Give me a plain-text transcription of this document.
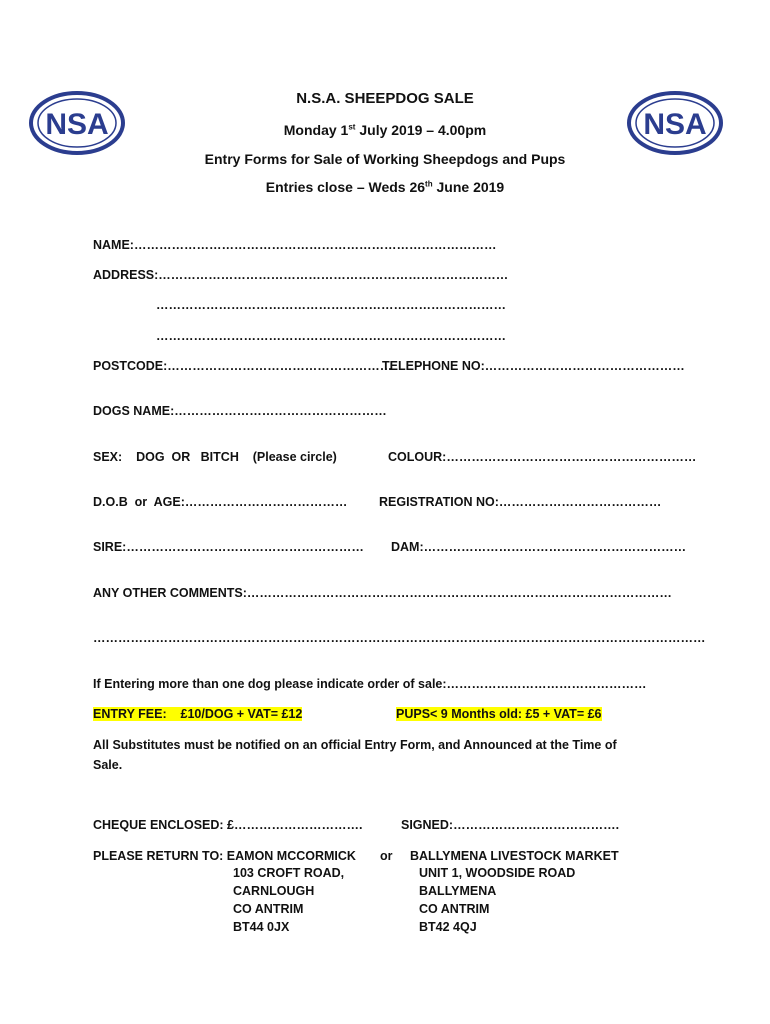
NSA	NSA
N.S.A. SHEEPDOG SALE
Monday 1st July 2019 – 4.00pm
Entry Forms for Sale of Working Sheepdogs and Pups
Entries close – Weds 26th June 2019
NAME:……………………………………………………………………………
ADDRESS:…………………………………………………………………………
…………………………………………………………………………
…………………………………………………………………………
POSTCODE:………………………………………………
TELEPHONE NO:…………………………………………
DOGS NAME:……………………………………………
SEX:    DOG  OR   BITCH    (Please circle)	COLOUR:……………………………………………………
D.O.B  or  AGE:…………………………………	REGISTRATION NO:…………………………………
SIRE:………………………………………………… DAM:………………………………………………………
ANY OTHER COMMENTS:…………………………………………………………………………………………
…………………………………………………………………………………………………………………………………
If Entering more than one dog please indicate order of sale:…………………………………………
ENTRY FEE:    £10/DOG + VAT= £12	PUPS< 9 Months old: £5 + VAT= £6
All Substitutes must be notified on an official Entry Form, and Announced at the Time of
Sale.
CHEQUE ENCLOSED: £………………………….	SIGNED:………………………………….
PLEASE RETURN TO: EAMON MCCORMICK or BALLYMENA LIVESTOCK MARKET
103 CROFT ROAD,
CARNLOUGH
CO ANTRIM
BT44 0JX
UNIT 1, WOODSIDE ROAD
BALLYMENA
CO ANTRIM
BT42 4QJ
